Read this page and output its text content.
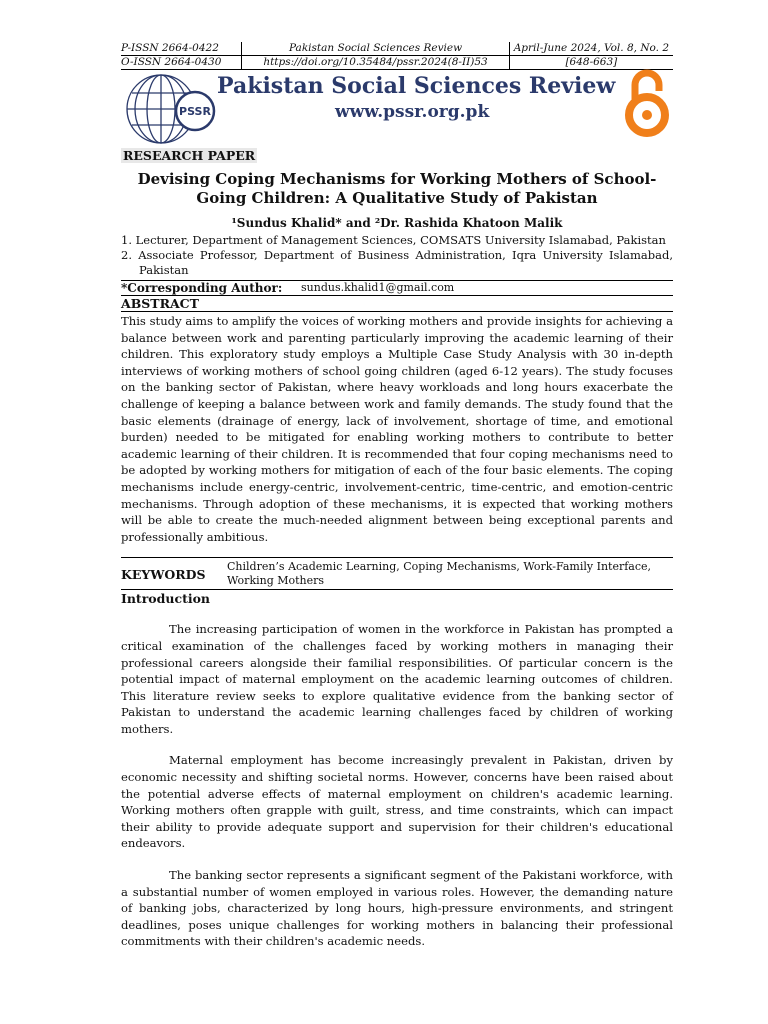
P-ISSN 2664-0422	Pakistan Social Sciences Review	April-June 2024, Vol. 8, No. 2
O-ISSN 2664-0430	https://doi.org/10.35484/pssr.2024(8-II)53	[648-663]
PSSR
Pakistan Social Sciences Review
www.pssr.org.pk
RESEARCH PAPER
Devising Coping Mechanisms for Working Mothers of School-Going Children: A Qualitative Study of Pakistan
¹Sundus Khalid* and ²Dr. Rashida Khatoon Malik
1. Lecturer, Department of Management Sciences, COMSATS University Islamabad, Pakistan
2. Associate Professor, Department of Business Administration, Iqra University Islamabad, Pakistan
*Corresponding Author:	sundus.khalid1@gmail.com
ABSTRACT
This study aims to amplify the voices of working mothers and provide insights for achieving a balance between work and parenting particularly improving the academic learning of their children. This exploratory study employs a Multiple Case Study Analysis with 30 in-depth interviews of working mothers of school going children (aged 6-12 years). The study focuses on the banking sector of Pakistan, where heavy workloads and long hours exacerbate the challenge of keeping a balance between work and family demands. The study found that the basic elements (drainage of energy, lack of involvement, shortage of time, and emotional burden) needed to be mitigated for enabling working mothers to contribute to better academic learning of their children. It is recommended that four coping mechanisms need to be adopted by working mothers for mitigation of each of the four basic elements. The coping mechanisms include energy-centric, involvement-centric, time-centric, and emotion-centric mechanisms. Through adoption of these mechanisms, it is expected that working mothers will be able to create the much-needed alignment between being exceptional parents and professionally ambitious.
KEYWORDS	Children’s Academic Learning, Coping Mechanisms, Work-Family Interface, Working Mothers
Introduction
The increasing participation of women in the workforce in Pakistan has prompted a critical examination of the challenges faced by working mothers in managing their professional careers alongside their familial responsibilities. Of particular concern is the potential impact of maternal employment on the academic learning outcomes of children. This literature review seeks to explore qualitative evidence from the banking sector of Pakistan to understand the academic learning challenges faced by children of working mothers.
Maternal employment has become increasingly prevalent in Pakistan, driven by economic necessity and shifting societal norms. However, concerns have been raised about the potential adverse effects of maternal employment on children's academic learning. Working mothers often grapple with guilt, stress, and time constraints, which can impact their ability to provide adequate support and supervision for their children's educational endeavors.
The banking sector represents a significant segment of the Pakistani workforce, with a substantial number of women employed in various roles. However, the demanding nature of banking jobs, characterized by long hours, high-pressure environments, and stringent deadlines, poses unique challenges for working mothers in balancing their professional commitments with their children's academic needs.
